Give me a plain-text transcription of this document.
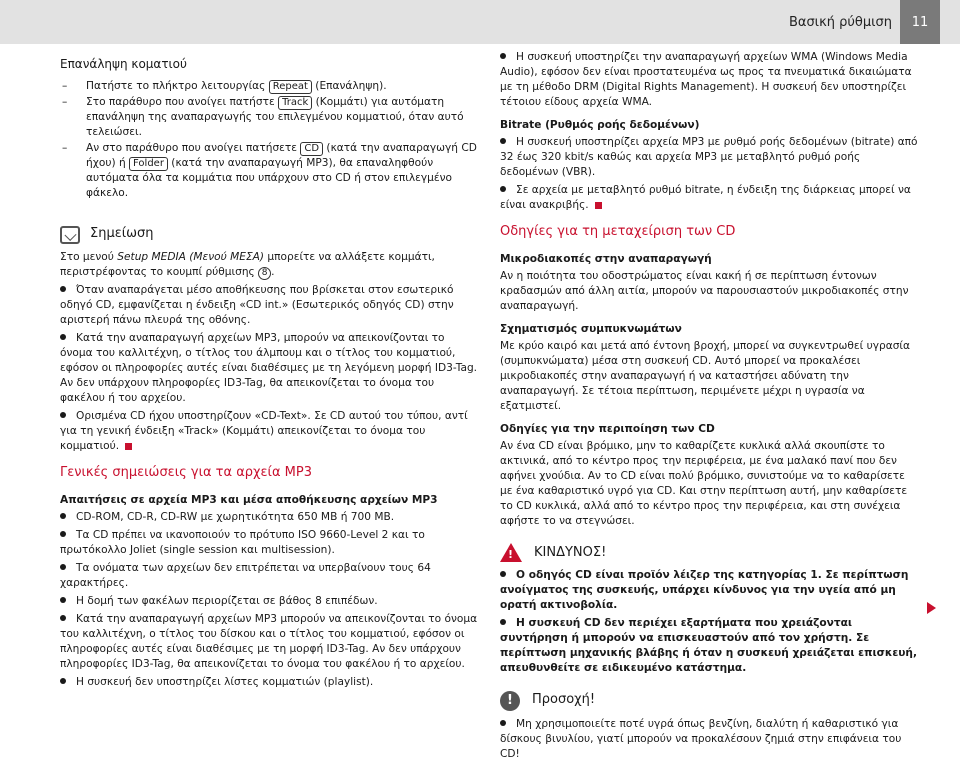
Βασική ρύθμιση	11
Επανάληψη κοματιού
– Πατήστε το πλήκτρο λειτουργίας Repeat (Επανάληψη).
– Στο παράθυρο που ανοίγει πατήστε Track (Κομμάτι) για αυτόματη επανάληψη της αναπαραγωγής του επιλεγμένου κομματιού, όταν αυτό τελειώσει.
– Αν στο παράθυρο που ανοίγει πατήσετε CD (κατά την αναπαραγωγή CD ήχου) ή Folder (κατά την αναπαραγωγή MP3), θα επαναληφθούν αυτόματα όλα τα κομμάτια που υπάρχουν στο CD ή στον επιλεγμένο φάκελο.
Σημείωση

Στο μενού Setup MEDIA (Μενού ΜΕΣΑ) μπορείτε να αλλάξετε κομμάτι, περιστρέφοντας το κουμπί ρύθμισης 8 .

Όταν αναπαράγεται μέσο αποθήκευσης που βρίσκεται στον εσωτερικό οδηγό CD, εμφανίζεται η ένδειξη «CD int.» (Εσωτερικός οδηγός CD) στην αριστερή πάνω πλευρά της οθόνης.
Κατά την αναπαραγωγή αρχείων MP3, μπορούν να απεικονίζονται το όνομα του καλλιτέχνη, ο τίτλος του άλμπουμ και ο τίτλος του κομματιού, εφόσον οι πληροφορίες αυτές είναι διαθέσιμες με τη λεγόμενη μορφή ID3-Tag. Αν δεν υπάρχουν πληροφορίες ID3-Tag, θα απεικονίζεται το όνομα του φακέλου ή του αρχείου.
Ορισμένα CD ήχου υποστηρίζουν «CD-Text». Σε CD αυτού του τύπου, αντί για τη γενική ένδειξη «Track» (Κομμάτι) απεικονίζεται το όνομα του κομματιού.
Γενικές σημειώσεις για τα αρχεία MP3
Απαιτήσεις σε αρχεία MP3 και μέσα αποθήκευσης αρχείων MP3
CD-ROM, CD-R, CD-RW με χωρητικότητα 650 MB ή 700 MB.
Τα CD πρέπει να ικανοποιούν το πρότυπο ISO 9660-Level 2 και το πρωτόκολλο Joliet (single session και multisession).
Τα ονόματα των αρχείων δεν επιτρέπεται να υπερβαίνουν τους 64 χαρακτήρες.
Η δομή των φακέλων περιορίζεται σε βάθος 8 επιπέδων.
Κατά την αναπαραγωγή αρχείων MP3 μπορούν να απεικονίζονται το όνομα του καλλιτέχνη, ο τίτλος του δίσκου και ο τίτλος του κομματιού, εφόσον οι πληροφορίες αυτές είναι διαθέσιμες με τη μορφή ID3-Tag. Αν δεν υπάρχουν πληροφορίες ID3-Tag, θα απεικονίζεται το όνομα του φακέλου ή το αρχείου.
Η συσκευή δεν υποστηρίζει λίστες κομματιών (playlist).
Η συσκευή υποστηρίζει την αναπαραγωγή αρχείων WMA (Windows Media Audio), εφόσον δεν είναι προστατευμένα ως προς τα πνευματικά δικαιώματα με τη μέθοδο DRM (Digital Rights Management). Η συσκευή δεν υποστηρίζει τέτοιου είδους αρχεία WMA.
Bitrate (Ρυθμός ροής δεδομένων)
Η συσκευή υποστηρίζει αρχεία MP3 με ρυθμό ροής δεδομένων (bitrate) από 32 έως 320 kbit/s καθώς και αρχεία MP3 με μεταβλητό ρυθμό ροής δεδομένων (VBR).
Σε αρχεία με μεταβλητό ρυθμό bitrate, η ένδειξη της διάρκειας μπορεί να είναι ανακριβής.
Οδηγίες για τη μεταχείριση των CD
Μικροδιακοπές στην αναπαραγωγή

Αν η ποιότητα του οδοστρώματος είναι κακή ή σε περίπτωση έντονων κραδασμών από άλλη αιτία, μπορούν να παρουσιαστούν μικροδιακοπές στην αναπαραγωγή.

Σχηματισμός συμπυκνωμάτων

Με κρύο καιρό και μετά από έντονη βροχή, μπορεί να συγκεντρωθεί υγρασία (συμπυκνώματα) μέσα στη συσκευή CD. Αυτό μπορεί να προκαλέσει μικροδιακοπές στην αναπαραγωγή ή να καταστήσει αδύνατη την αναπαραγωγή. Σε τέτοια περίπτωση, περιμένετε μέχρι η υγρασία να εξατμιστεί.

Οδηγίες για την περιποίηση των CD

Αν ένα CD είναι βρόμικο, μην το καθαρίζετε κυκλικά αλλά σκουπίστε το ακτινικά, από το κέντρο προς την περιφέρεια, με ένα μαλακό πανί που δεν αφήνει χνούδια. Αν το CD είναι πολύ βρόμικο, συνιστούμε να το καθαρίσετε με ένα καθαριστικό υγρό για CD. Και στην περίπτωση αυτή, μην καθαρίσετε το CD κυκλικά, αλλά από το κέντρο προς την περιφέρεια, και στη συνέχεια αφήστε το να στεγνώσει.

! ΚΙΝΔΥΝΟΣ!
Ο οδηγός CD είναι προϊόν λέιζερ της κατηγορίας 1. Σε περίπτωση ανοίγματος της συσκευής, υπάρχει κίνδυνος για την υγεία από μη ορατή ακτινοβολία.
Η συσκευή CD δεν περιέχει εξαρτήματα που χρειάζονται συντήρηση ή μπορούν να επισκευαστούν από τον χρήστη. Σε περίπτωση μηχανικής βλάβης ή όταν η συσκευή χρειάζεται επισκευή, απευθυνθείτε σε ειδικευμένο κατάστημα.
!	Προσοχή!
Μη χρησιμοποιείτε ποτέ υγρά όπως βενζίνη, διαλύτη ή καθαριστικό για δίσκους βινυλίου, γιατί μπορούν να προκαλέσουν ζημιά στην επιφάνεια του CD!
